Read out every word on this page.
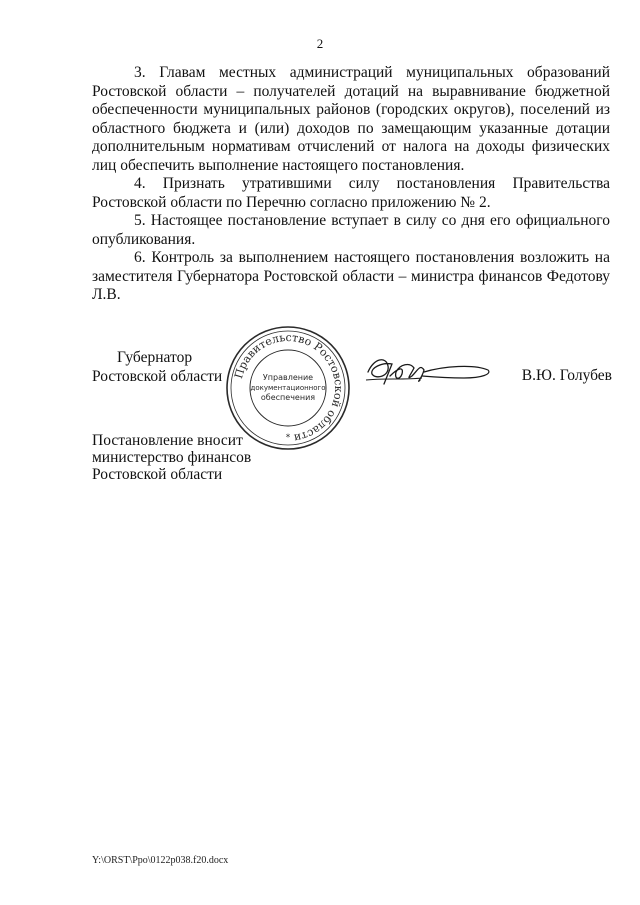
2

3. Главам местных администраций муниципальных образований Ростовской области – получателей дотаций на выравнивание бюджетной обеспеченности муниципальных районов (городских округов), поселений из областного бюджета и (или) доходов по замещающим указанные дотации дополнительным нормативам отчислений от налога на доходы физических лиц обеспечить выполнение настоящего постановления.

4. Признать утратившими силу постановления Правительства Ростовской области по Перечню согласно приложению № 2.

5. Настоящее постановление вступает в силу со дня его официального опубликования.

6. Контроль за выполнением настоящего постановления возложить на заместителя Губернатора Ростовской области – министра финансов Федотову Л.В.

Губернатор
Ростовской области Правительство Ростовской области
Управление
документационного
обеспечения
*
В.Ю. Голубев
Постановление вносит
министерство финансов
Ростовской области
Y:\ORST\Ppo\0122p038.f20.docx
